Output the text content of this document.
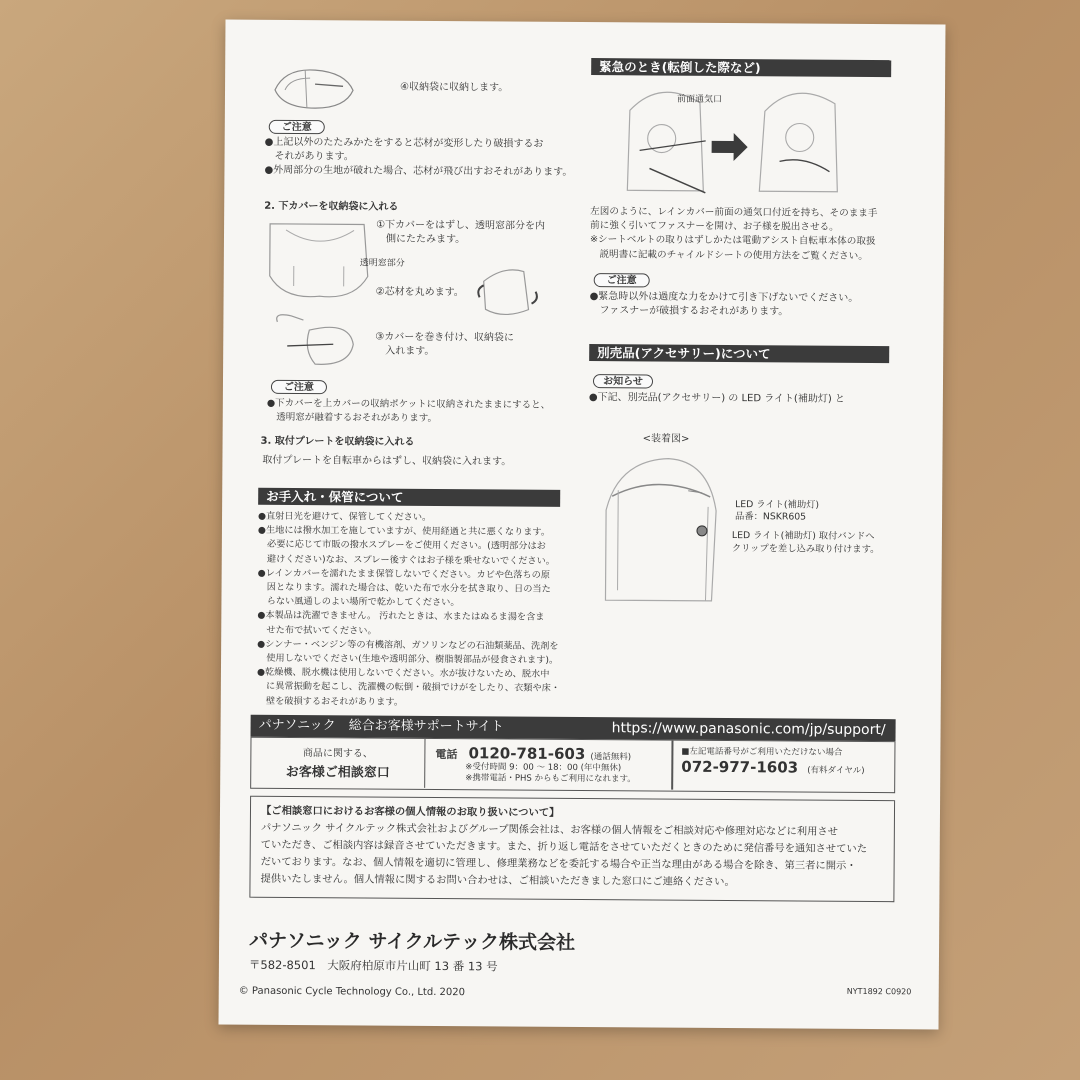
④収納袋に収納します。
ご注意
●上記以外のたたみかたをすると芯材が変形したり破損するお
　それがあります。
●外周部分の生地が破れた場合、芯材が飛び出すおそれがあります。
2. 下カバーを収納袋に入れる
①下カバーをはずし、透明窓部分を内
　側にたたみます。
透明窓部分
②芯材を丸めます。
③カバーを巻き付け、収納袋に
　入れます。
ご注意
●下カバーを上カバーの収納ポケットに収納されたままにすると、
　透明窓が融着するおそれがあります。
3. 取付プレートを収納袋に入れる
取付プレートを自転車からはずし、収納袋に入れます。
お手入れ・保管について
●直射日光を避けて、保管してください。
●生地には撥水加工を施していますが、使用経過と共に悪くなります。
　必要に応じて市販の撥水スプレーをご使用ください。(透明部分はお
　避けください)なお、スプレー後すぐはお子様を乗せないでください。
●レインカバーを濡れたまま保管しないでください。カビや色落ちの原
　因となります。濡れた場合は、乾いた布で水分を拭き取り、日の当た
　らない風通しのよい場所で乾かしてください。
●本製品は洗濯できません。 汚れたときは、水またはぬるま湯を含ま
　せた布で拭いてください。
●シンナー・ベンジン等の有機溶剤、ガソリンなどの石油類薬品、洗剤を
　使用しないでください(生地や透明部分、樹脂製部品が侵食されます)。
●乾燥機、脱水機は使用しないでください。水が抜けないため、脱水中
　に異常振動を起こし、洗濯機の転倒・破損でけがをしたり、衣類や床・
　壁を破損するおそれがあります。
緊急のとき(転倒した際など)
前面通気口
左図のように、レインカバー前面の通気口付近を持ち、そのまま手
前に強く引いてファスナーを開け、お子様を脱出させる。
※シートベルトの取りはずしかたは電動アシスト自転車本体の取扱
　説明書に記載のチャイルドシートの使用方法をご覧ください。
ご注意
●緊急時以外は過度な力をかけて引き下げないでください。
　ファスナーが破損するおそれがあります。
別売品(アクセサリー)について
お知らせ
●下記、別売品(アクセサリー) の LED ライト(補助灯) と
<装着図>
LED ライト(補助灯)
品番：NSKR605
LED ライト(補助灯) 取付バンドへ
クリップを差し込み取り付けます。
パナソニック　総合お客様サポートサイト	https://www.panasonic.com/jp/support/
商品に関する、
お客様ご相談窓口
電話 0120-781-603 (通話無料)
※受付時間 9：00 ～ 18：00 (年中無休)
※携帯電話・PHS からもご利用になれます。
■左記電話番号がご利用いただけない場合
072-977-1603 (有料ダイヤル)
【ご相談窓口におけるお客様の個人情報のお取り扱いについて】
パナソニック サイクルテック株式会社およびグループ関係会社は、お客様の個人情報をご相談対応や修理対応などに利用させ
ていただき、ご相談内容は録音させていただきます。また、折り返し電話をさせていただくときのために発信番号を通知させていた
だいております。なお、個人情報を適切に管理し、修理業務などを委託する場合や正当な理由がある場合を除き、第三者に開示・
提供いたしません。個人情報に関するお問い合わせは、ご相談いただきました窓口にご連絡ください。
パナソニック サイクルテック株式会社
〒582-8501　大阪府柏原市片山町 13 番 13 号
© Panasonic Cycle Technology Co., Ltd. 2020	NYT1892 C0920
